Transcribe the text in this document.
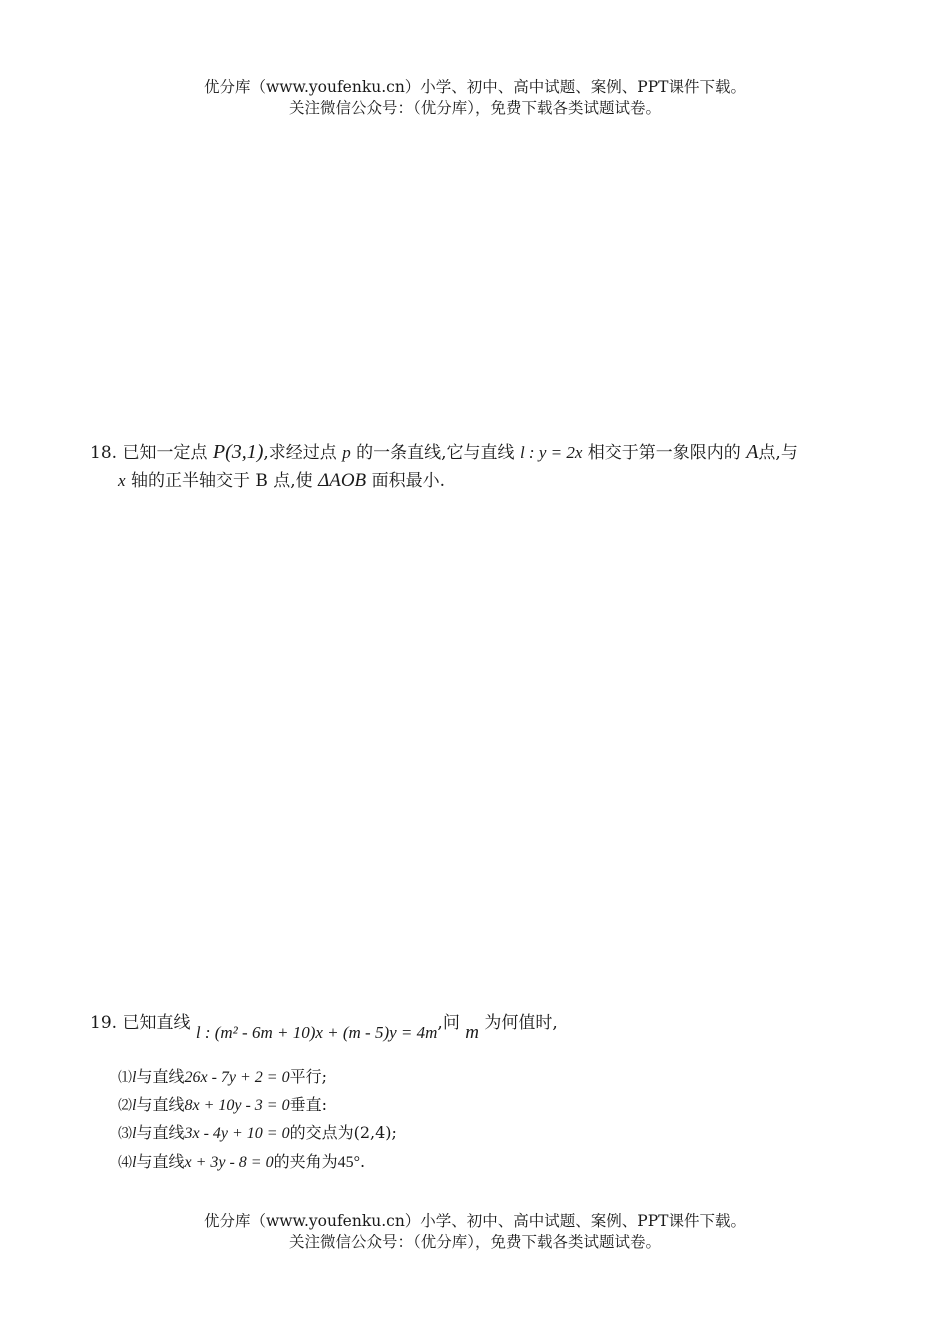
优分库（www.youfenku.cn）小学、初中、高中试题、案例、PPT课件下载。
关注微信公众号：（优分库），免费下载各类试题试卷。
18. 已知一定点 P(3,1),求经过点 p 的一条直线,它与直线 l : y = 2x 相交于第一象限内的 A点,与
x 轴的正半轴交于 B 点,使 ΔAOB 面积最小.
19. 已知直线 l : (m² - 6m + 10)x + (m - 5)y = 4m,问 m 为何值时,
⑴l与直线26x - 7y + 2 = 0平行;
⑵l与直线8x + 10y - 3 = 0垂直:
⑶l与直线3x - 4y + 10 = 0的交点为(2,4);
⑷l与直线x + 3y - 8 = 0的夹角为45°.
优分库（www.youfenku.cn）小学、初中、高中试题、案例、PPT课件下载。
关注微信公众号：（优分库），免费下载各类试题试卷。
